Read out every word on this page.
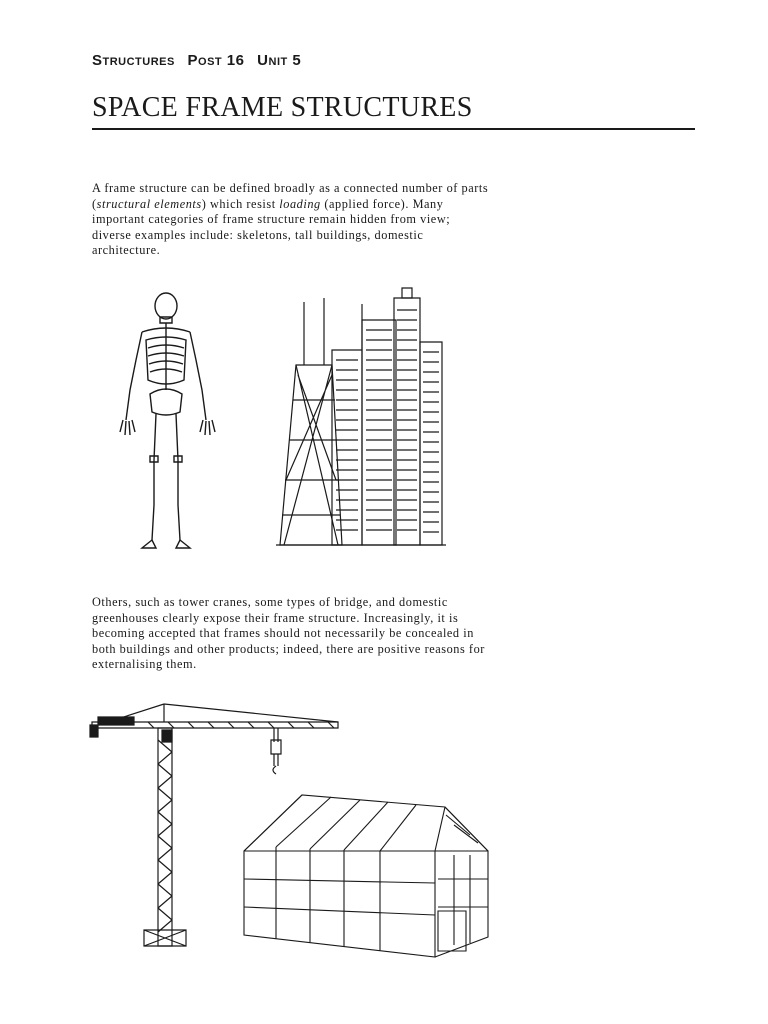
Structures Post 16 Unit 5
SPACE FRAME STRUCTURES

A frame structure can be defined broadly as a connected number of parts (structural elements) which resist loading (applied force). Many important categories of frame structure remain hidden from view; diverse examples include: skeletons, tall buildings, domestic architecture.

Others, such as tower cranes, some types of bridge, and domestic greenhouses clearly expose their frame structure. Increasingly, it is becoming accepted that frames should not necessarily be concealed in both buildings and other products; indeed, there are positive reasons for externalising them.
